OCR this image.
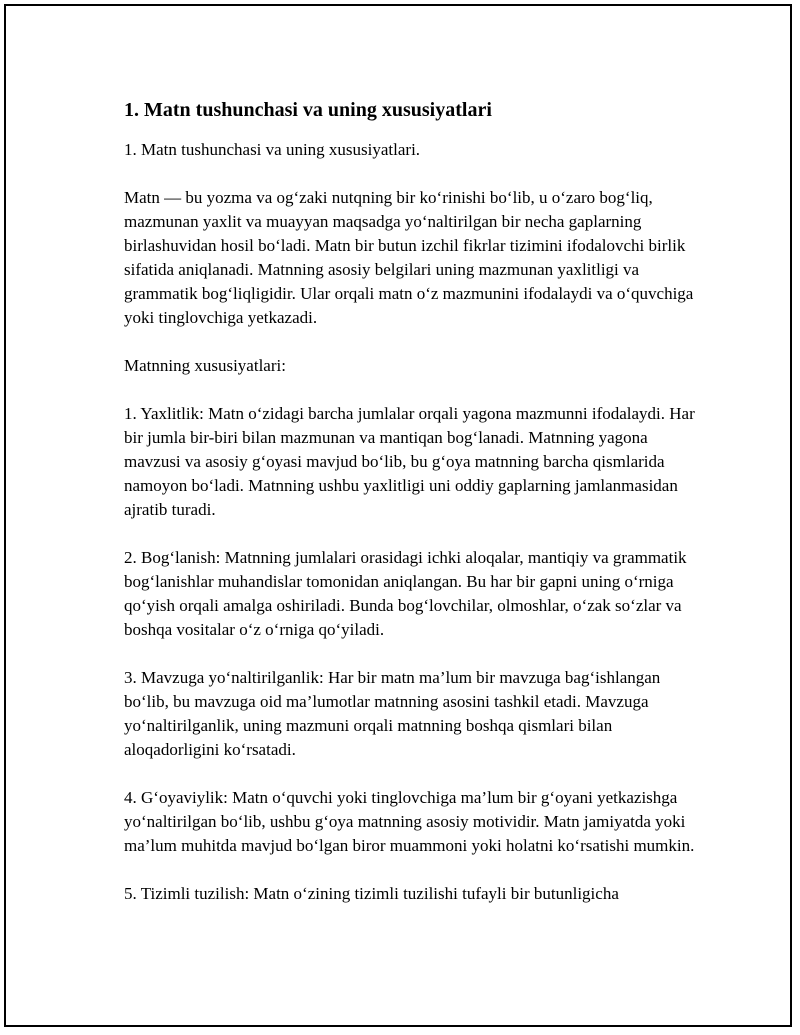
1. Matn tushunchasi va uning xususiyatlari

1. Matn tushunchasi va uning xususiyatlari.

Matn — bu yozma va og‘zaki nutqning bir ko‘rinishi bo‘lib, u o‘zaro bog‘liq, mazmunan yaxlit va muayyan maqsadga yo‘naltirilgan bir necha gaplarning birlashuvidan hosil bo‘ladi. Matn bir butun izchil fikrlar tizimini ifodalovchi birlik sifatida aniqlanadi. Matnning asosiy belgilari uning mazmunan yaxlitligi va grammatik bog‘liqligidir. Ular orqali matn o‘z mazmunini ifodalaydi va o‘quvchiga yoki tinglovchiga yetkazadi.

Matnning xususiyatlari:

1. Yaxlitlik: Matn o‘zidagi barcha jumlalar orqali yagona mazmunni ifodalaydi. Har bir jumla bir-biri bilan mazmunan va mantiqan bog‘lanadi. Matnning yagona mavzusi va asosiy g‘oyasi mavjud bo‘lib, bu g‘oya matnning barcha qismlarida namoyon bo‘ladi. Matnning ushbu yaxlitligi uni oddiy gaplarning jamlanmasidan ajratib turadi.

2. Bog‘lanish: Matnning jumlalari orasidagi ichki aloqalar, mantiqiy va grammatik bog‘lanishlar muhandislar tomonidan aniqlangan. Bu har bir gapni uning o‘rniga qo‘yish orqali amalga oshiriladi. Bunda bog‘lovchilar, olmoshlar, o‘zak so‘zlar va boshqa vositalar o‘z o‘rniga qo‘yiladi.

3. Mavzuga yo‘naltirilganlik: Har bir matn ma’lum bir mavzuga bag‘ishlangan bo‘lib, bu mavzuga oid ma’lumotlar matnning asosini tashkil etadi. Mavzuga yo‘naltirilganlik, uning mazmuni orqali matnning boshqa qismlari bilan aloqadorligini ko‘rsatadi.

4. G‘oyaviylik: Matn o‘quvchi yoki tinglovchiga ma’lum bir g‘oyani yetkazishga yo‘naltirilgan bo‘lib, ushbu g‘oya matnning asosiy motividir. Matn jamiyatda yoki ma’lum muhitda mavjud bo‘lgan biror muammoni yoki holatni ko‘rsatishi mumkin.

5. Tizimli tuzilish: Matn o‘zining tizimli tuzilishi tufayli bir butunligicha
